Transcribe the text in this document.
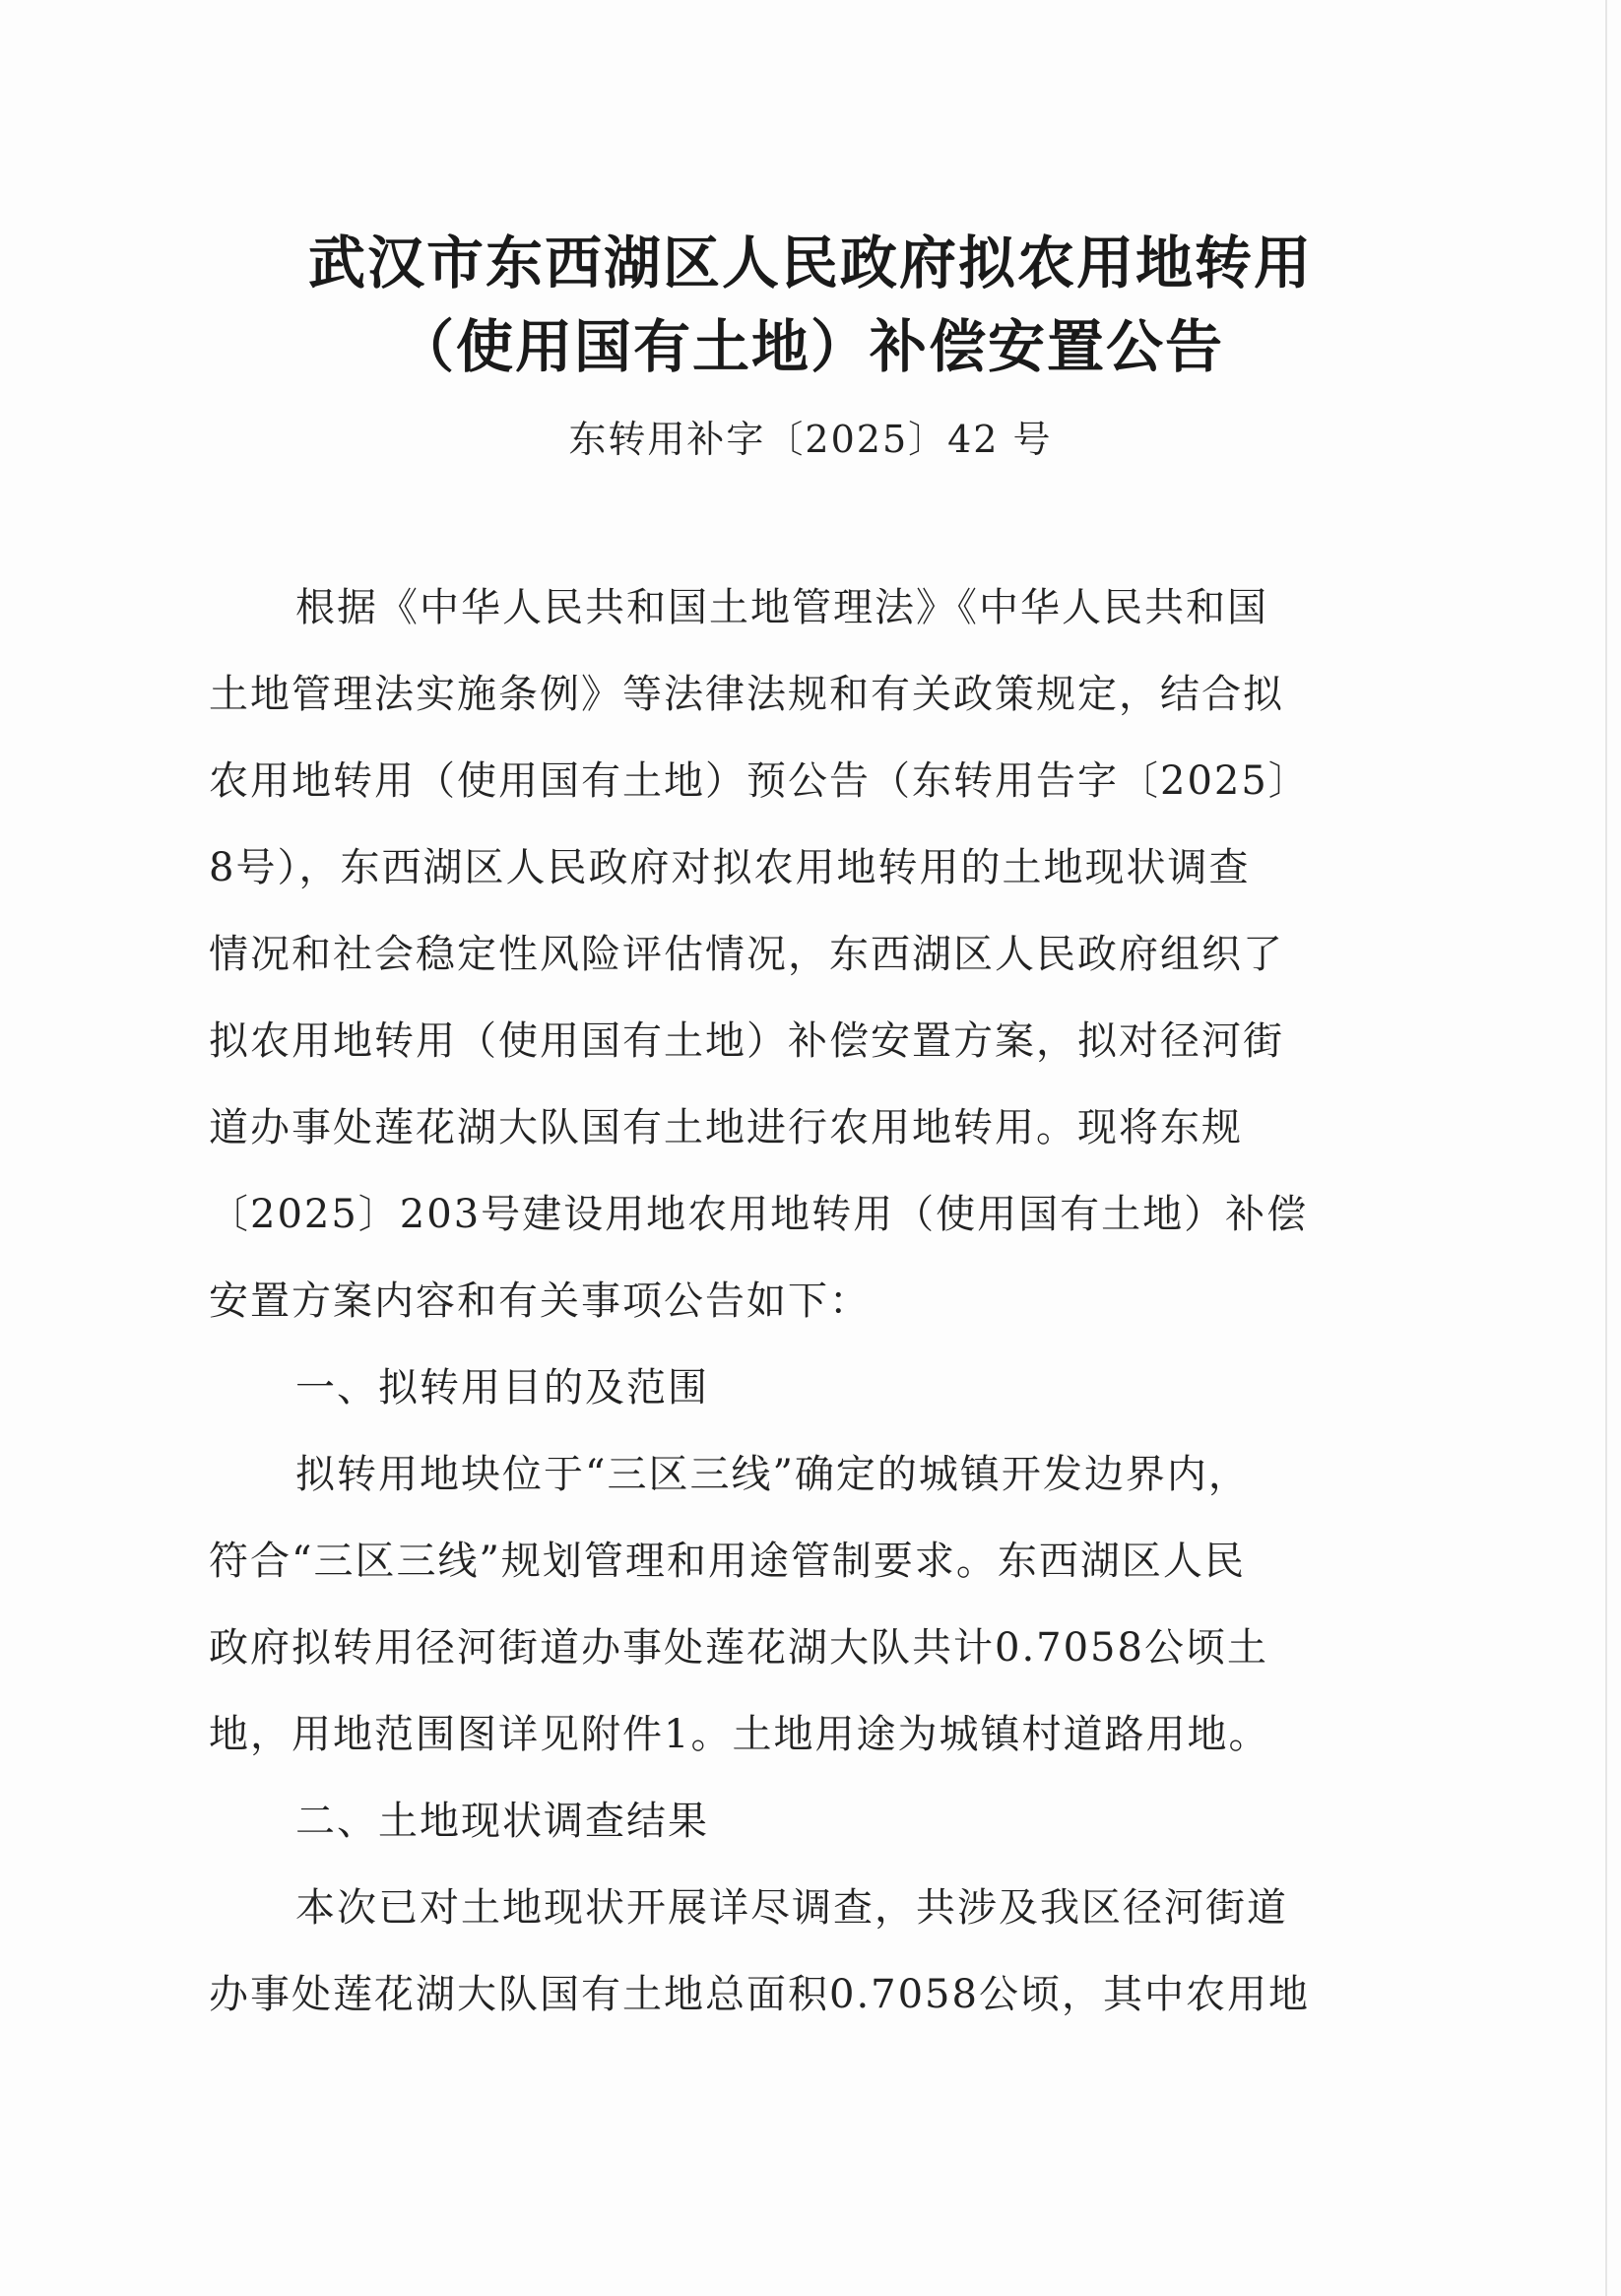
武汉市东西湖区人民政府拟农用地转用
（使用国有土地）补偿安置公告
东转用补字〔2025〕42 号
根据《中华人民共和国土地管理法》《中华人民共和国
土地管理法实施条例》等法律法规和有关政策规定，结合拟
农用地转用（使用国有土地）预公告（东转用告字〔2025〕
8号），东西湖区人民政府对拟农用地转用的土地现状调查
情况和社会稳定性风险评估情况，东西湖区人民政府组织了
拟农用地转用（使用国有土地）补偿安置方案，拟对径河街
道办事处莲花湖大队国有土地进行农用地转用。现将东规
〔2025〕203号建设用地农用地转用（使用国有土地）补偿
安置方案内容和有关事项公告如下：
一、拟转用目的及范围
拟转用地块位于“三区三线”确定的城镇开发边界内，
符合“三区三线”规划管理和用途管制要求。东西湖区人民
政府拟转用径河街道办事处莲花湖大队共计0.7058公顷土
地，用地范围图详见附件1。土地用途为城镇村道路用地。
二、土地现状调查结果
本次已对土地现状开展详尽调查，共涉及我区径河街道
办事处莲花湖大队国有土地总面积0.7058公顷，其中农用地
